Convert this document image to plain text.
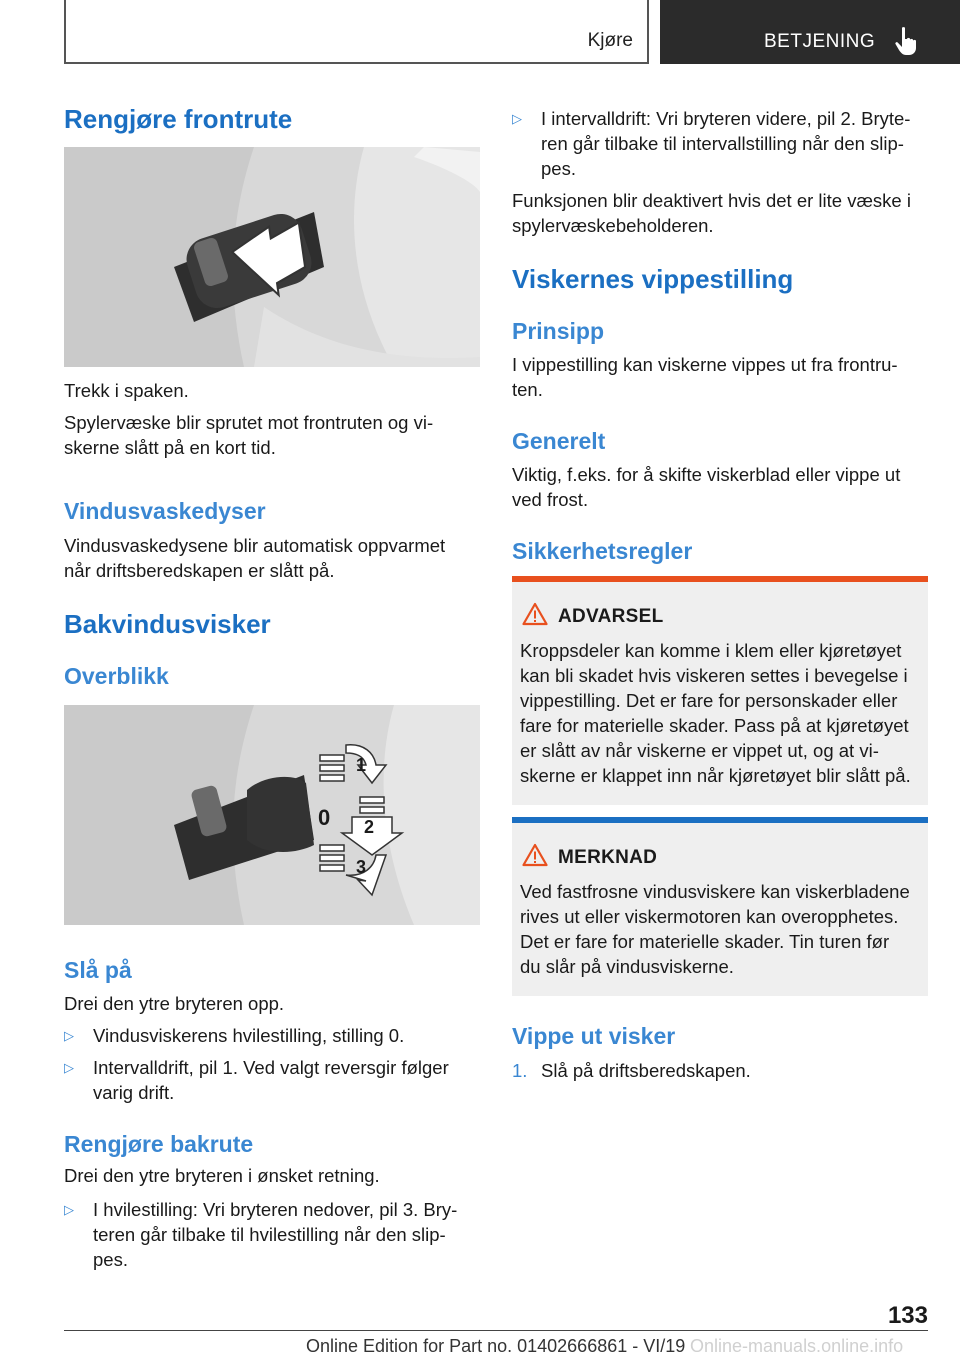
Kjøre	BETJENING
Rengjøre frontrute
Trekk i spaken.
Spylervæske blir sprutet mot frontruten og vi-
skerne slått på en kort tid.
Vindusvaskedyser
Vindusvaskedysene blir automatisk oppvarmet
når driftsberedskapen er slått på.
Bakvindusvisker
Overblikk
1
0 2
3
Slå på
Drei den ytre bryteren opp.
▷ Vindusviskerens hvilestilling, stilling 0.
▷ Intervalldrift, pil 1. Ved valgt reversgir følger
varig drift.
Rengjøre bakrute
Drei den ytre bryteren i ønsket retning.
▷ I hvilestilling: Vri bryteren nedover, pil 3. Bry-
teren går tilbake til hvilestilling når den slip-
pes.
▷ I intervalldrift: Vri bryteren videre, pil 2. Bryte-
ren går tilbake til intervallstilling når den slip-
pes.
Funksjonen blir deaktivert hvis det er lite væske i
spylervæskebeholderen.
Viskernes vippestilling
Prinsipp
I vippestilling kan viskerne vippes ut fra frontru-
ten.
Generelt
Viktig, f.eks. for å skifte viskerblad eller vippe ut
ved frost.
Sikkerhetsregler
ADVARSEL
Kroppsdeler kan komme i klem eller kjøretøyet
kan bli skadet hvis viskeren settes i bevegelse i
vippestilling. Det er fare for personskader eller
fare for materielle skader. Pass på at kjøretøyet
er slått av når viskerne er vippet ut, og at vi-
skerne er klappet inn når kjøretøyet blir slått på.
MERKNAD
Ved fastfrosne vindusviskere kan viskerbladene
rives ut eller viskermotoren kan overopphetes.
Det er fare for materielle skader. Tin turen før
du slår på vindusviskerne.
Vippe ut visker
1. Slå på driftsberedskapen.
133
Online Edition for Part no. 01402666861 - VI/19 Online-manuals.online.info
